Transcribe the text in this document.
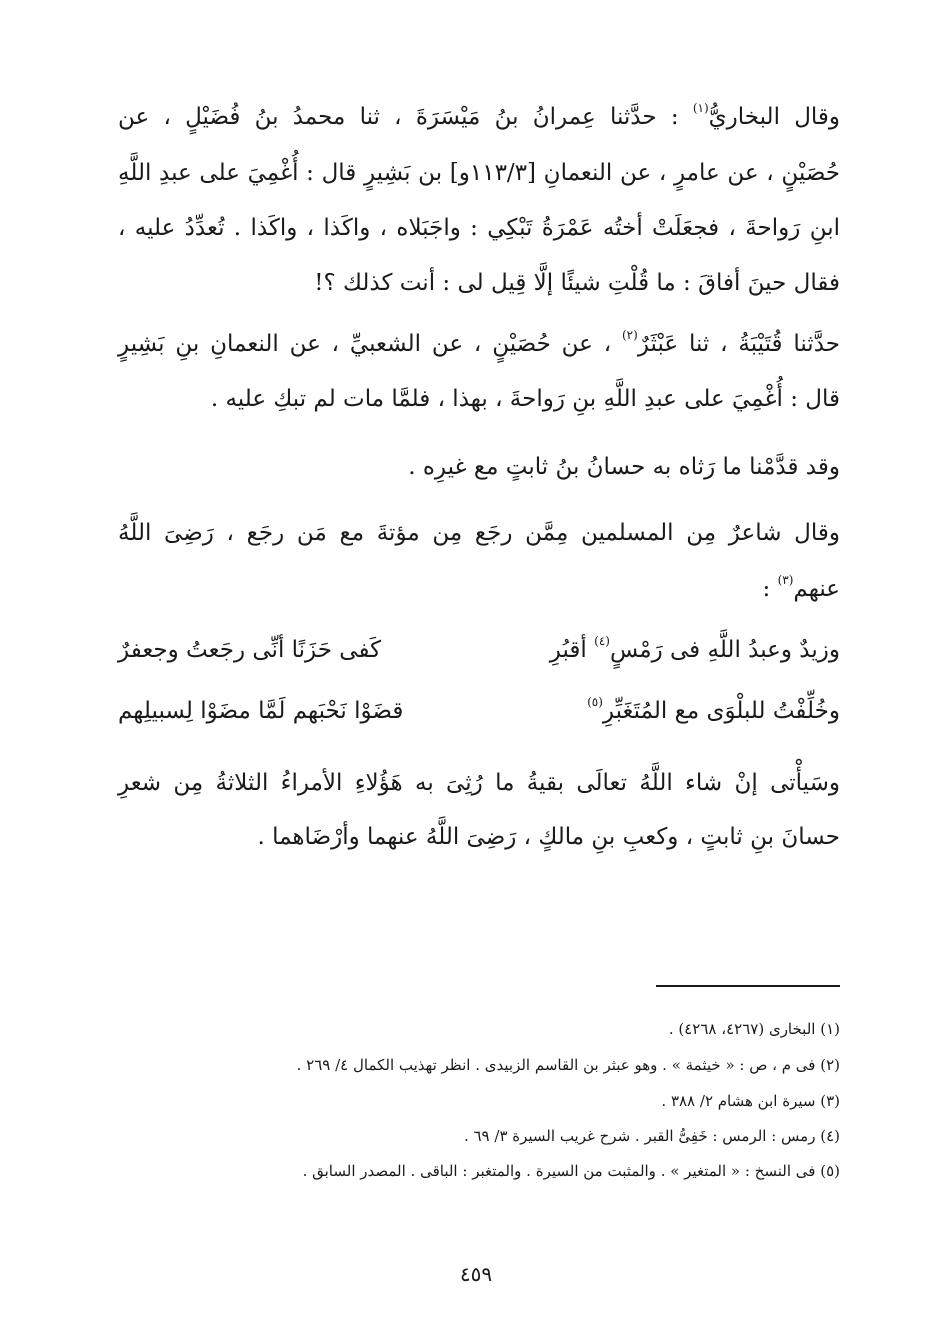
وقال البخاريُّ$^{(١)}$ : حدَّثنا عِمرانُ بنُ مَيْسَرَةَ ، ثنا محمدُ بنُ فُضَيْلٍ ، عن
حُصَيْنٍ ، عن عامرٍ ، عن النعمانِ [١١٣/٣و] بن بَشِيرٍ قال : أُغْمِيَ على عبدِ اللَّهِ
ابنِ رَواحةَ ، فجعَلَتْ أختُه عَمْرَةُ تَبْكِي : واجَبَلاه ، واكَذا ، واكَذا . تُعدِّدُ عليه ،
فقال حينَ أفاقَ : ما قُلْتِ شيئًا إلَّا قِيل لى : أنت كذلك ؟!
حدَّثنا قُتَيْبَةُ ، ثنا عَبْثَرٌ$^{(٢)}$ ، عن حُصَيْنٍ ، عن الشعبيِّ ، عن النعمانِ بنِ بَشِيرٍ
قال : أُغْمِيَ على عبدِ اللَّهِ بنِ رَواحةَ ، بهذا ، فلمَّا مات لم تبكِ عليه .
وقد قدَّمْنا ما رَثاه به حسانُ بنُ ثابتٍ مع غيرِه .
وقال شاعرٌ مِن المسلمين مِمَّن رجَع مِن مؤتةَ مع مَن رجَع ، رَضِىَ اللَّهُ
عنهم$^{(٣)}$ :
وزيدٌ وعبدُ اللَّهِ فى رَمْسٍ$^{(٤)}$ أقبُرِ
كَفى حَزَنًا أنِّى رجَعتُ وجعفرٌ
وخُلِّفْتُ للبلْوَى مع المُتَغَبِّرِ$^{(٥)}$
قضَوْا نَحْبَهم لَمَّا مضَوْا لِسبيلِهم
وسَيأْتى إنْ شاء اللَّهُ تعالَى بقيةُ ما رُثِىَ به هَؤُلاءِ الأمراءُ الثلاثةُ مِن شعرِ
حسانَ بنِ ثابتٍ ، وكعبِ بنِ مالكٍ ، رَضِىَ اللَّهُ عنهما وأرْضَاهما .
(١) البخارى (٤٢٦٧، ٤٢٦٨) .
(٢) فى م ، ص : « خيثمة » . وهو عبثر بن القاسم الزبيدى . انظر تهذيب الكمال ٤/ ٢٦٩ .
(٣) سيرة ابن هشام ٢/ ٣٨٨ .
(٤) رمس : الرمس : خَفِىُّ القبر . شرح غريب السيرة ٣/ ٦٩ .
(٥) فى النسخ : « المتغير » . والمثبت من السيرة . والمتغبر : الباقى . المصدر السابق .
٤٥٩
